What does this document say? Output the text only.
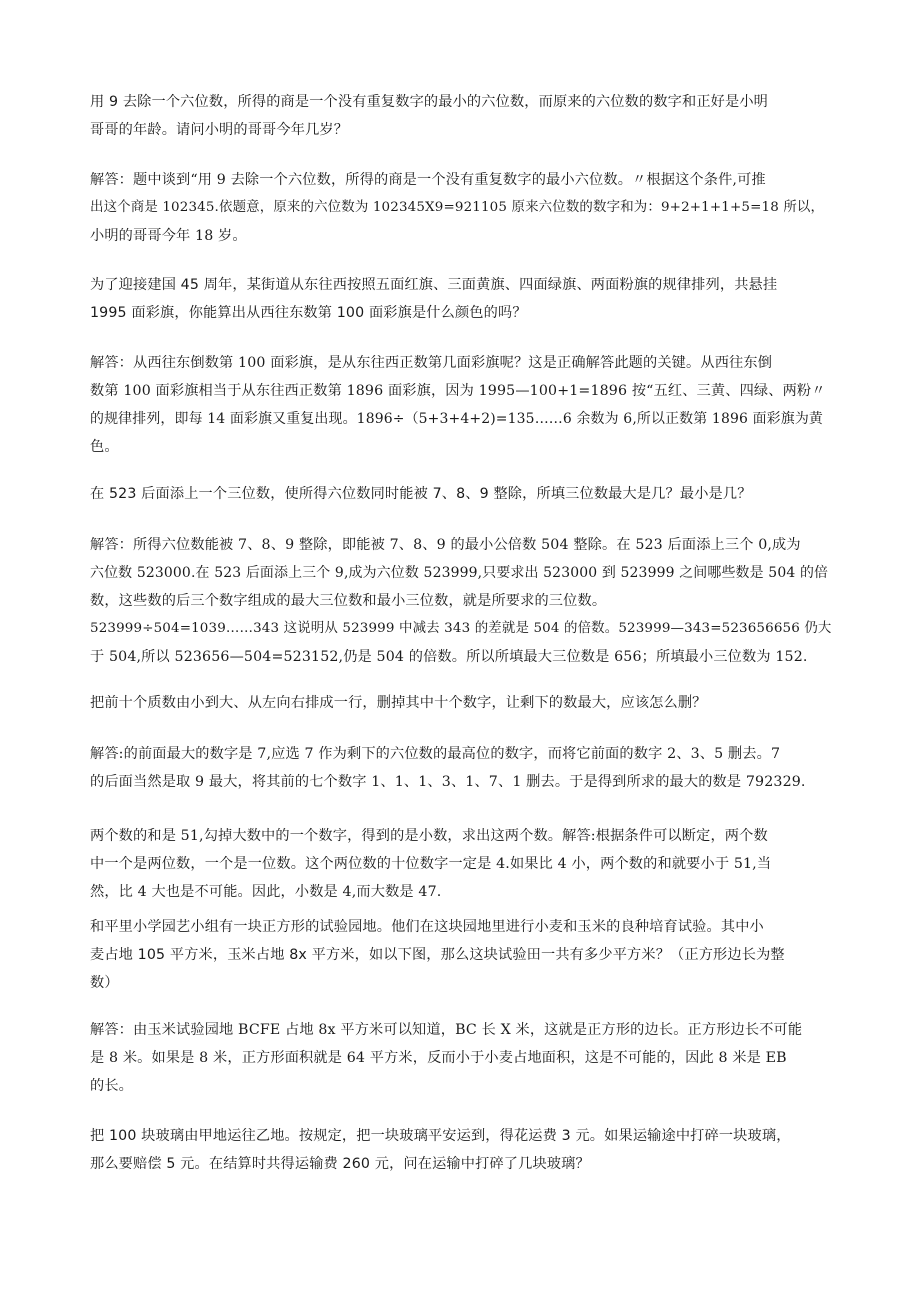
用 9 去除一个六位数，所得的商是一个没有重复数字的最小的六位数，而原来的六位数的数字和正好是小明
哥哥的年龄。请问小明的哥哥今年几岁？
解答：题中谈到“用 9 去除一个六位数，所得的商是一个没有重复数字的最小六位数。〃根据这个条件,可推
出这个商是 102345.依题意，原来的六位数为 102345X9=921105 原来六位数的数字和为：9+2+1+1+5=18 所以，
小明的哥哥今年 18 岁。
为了迎接建国 45 周年，某街道从东往西按照五面红旗、三面黄旗、四面绿旗、两面粉旗的规律排列，共悬挂
1995 面彩旗，你能算出从西往东数第 100 面彩旗是什么颜色的吗？
解答：从西往东倒数第 100 面彩旗，是从东往西正数第几面彩旗呢？这是正确解答此题的关键。从西往东倒
数第 100 面彩旗相当于从东往西正数第 1896 面彩旗，因为 1995—100+1=1896 按“五红、三黄、四绿、两粉〃
的规律排列，即每 14 面彩旗又重复出现。1896÷（5+3+4+2)=135……6 余数为 6,所以正数第 1896 面彩旗为黄
色。
在 523 后面添上一个三位数，使所得六位数同时能被 7、8、9 整除，所填三位数最大是几？最小是几？
解答：所得六位数能被 7、8、9 整除，即能被 7、8、9 的最小公倍数 504 整除。在 523 后面添上三个 0,成为
六位数 523000.在 523 后面添上三个 9,成为六位数 523999,只要求出 523000 到 523999 之间哪些数是 504 的倍
数，这些数的后三个数字组成的最大三位数和最小三位数，就是所要求的三位数。
523999÷504=1039……343 这说明从 523999 中减去 343 的差就是 504 的倍数。523999—343=523656656 仍大
于 504,所以 523656—504=523152,仍是 504 的倍数。所以所填最大三位数是 656；所填最小三位数为 152.
把前十个质数由小到大、从左向右排成一行，删掉其中十个数字，让剩下的数最大，应该怎么删？
解答:的前面最大的数字是 7,应选 7 作为剩下的六位数的最高位的数字，而将它前面的数字 2、3、5 删去。7
的后面当然是取 9 最大，将其前的七个数字 1、1、1、3、1、7、1 删去。于是得到所求的最大的数是 792329.
两个数的和是 51,勾掉大数中的一个数字，得到的是小数，求出这两个数。解答:根据条件可以断定，两个数
中一个是两位数，一个是一位数。这个两位数的十位数字一定是 4.如果比 4 小，两个数的和就要小于 51,当
然，比 4 大也是不可能。因此，小数是 4,而大数是 47.
和平里小学园艺小组有一块正方形的试验园地。他们在这块园地里进行小麦和玉米的良种培育试验。其中小
麦占地 105 平方米，玉米占地 8x 平方米，如以下图，那么这块试验田一共有多少平方米？（正方形边长为整
数）
解答：由玉米试验园地 BCFE 占地 8x 平方米可以知道，BC 长 X 米，这就是正方形的边长。正方形边长不可能
是 8 米。如果是 8 米，正方形面积就是 64 平方米，反而小于小麦占地面积，这是不可能的，因此 8 米是 EB
的长。
把 100 块玻璃由甲地运往乙地。按规定，把一块玻璃平安运到，得花运费 3 元。如果运输途中打碎一块玻璃，
那么要赔偿 5 元。在结算时共得运输费 260 元，问在运输中打碎了几块玻璃？
